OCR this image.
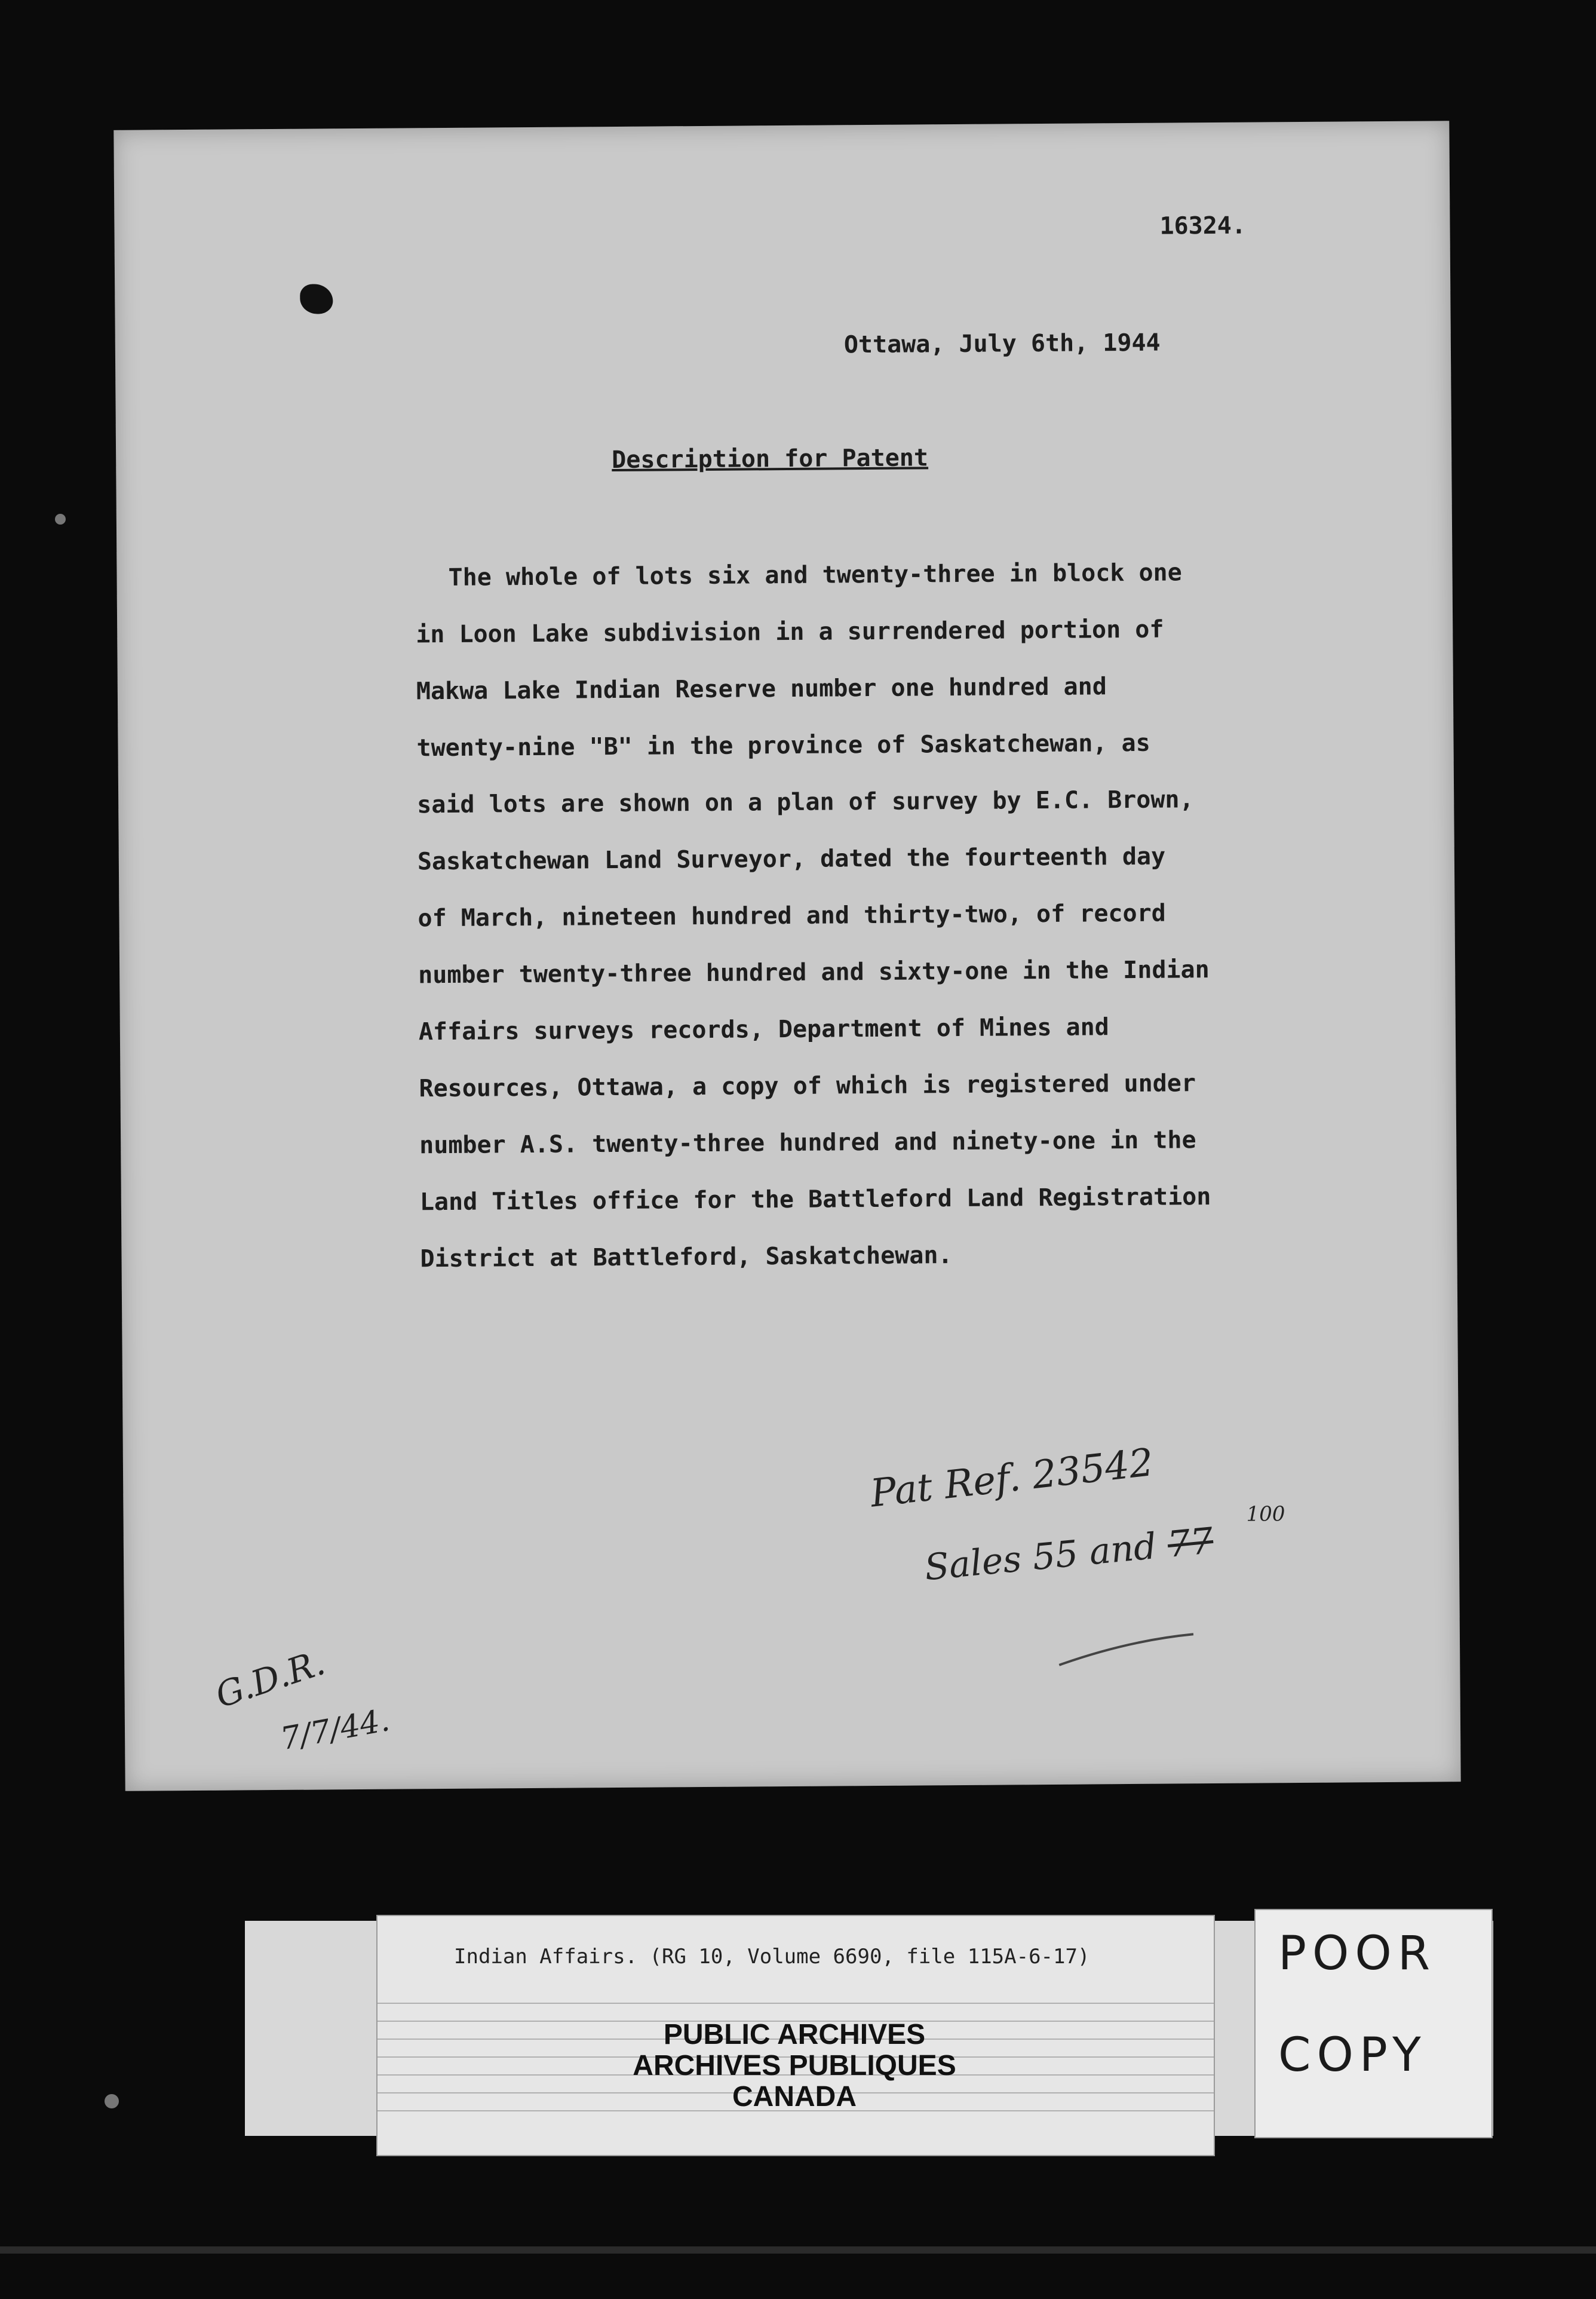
16324.
Ottawa, July 6th, 1944
Description for Patent
The whole of lots six and twenty-three in block one
in Loon Lake subdivision in a surrendered portion of
Makwa Lake Indian Reserve number one hundred and
twenty-nine "B" in the province of Saskatchewan, as
said lots are shown on a plan of survey by E.C. Brown,
Saskatchewan Land Surveyor, dated the fourteenth day
of March, nineteen hundred and thirty-two, of record
number twenty-three hundred and sixty-one in the Indian
Affairs surveys records, Department of Mines and
Resources, Ottawa, a copy of which is registered under
number A.S. twenty-three hundred and ninety-one in the
Land Titles office for the Battleford Land Registration
District at Battleford, Saskatchewan.
Pat Ref. 23542
Sales 55 and 77
100
G.D.R.
7/7/44.
Indian Affairs. (RG 10, Volume 6690, file 115A-6-17)
PUBLIC ARCHIVES
ARCHIVES PUBLIQUES
CANADA
POOR
COPY
